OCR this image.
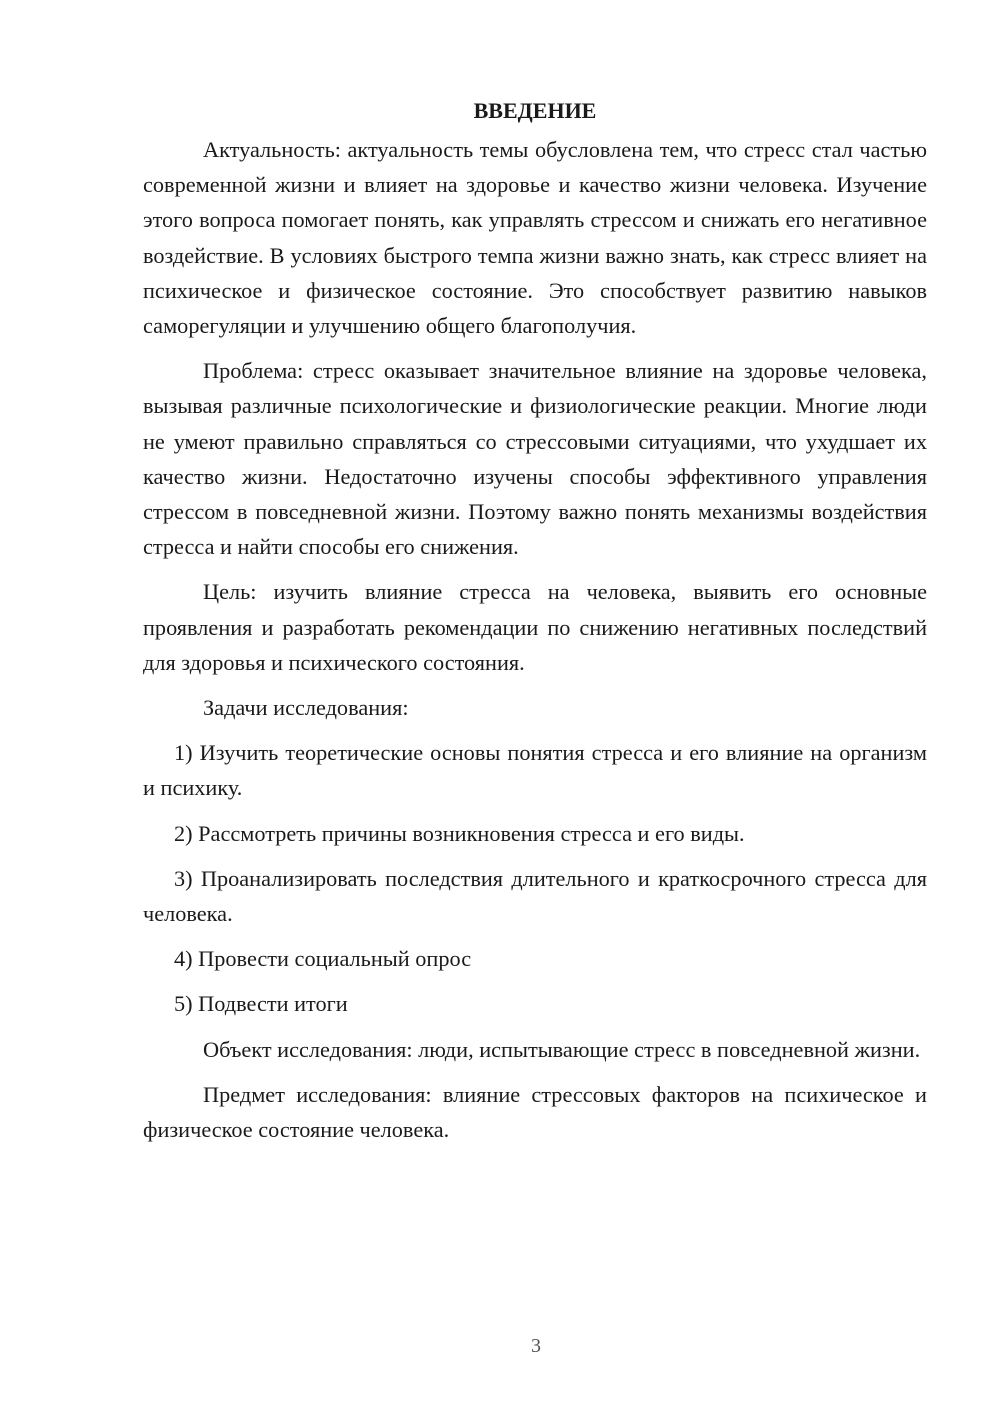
ВВЕДЕНИЕ

Актуальность: актуальность темы обусловлена тем, что стресс стал частью современной жизни и влияет на здоровье и качество жизни человека. Изучение этого вопроса помогает понять, как управлять стрессом и снижать его негативное воздействие. В условиях быстрого темпа жизни важно знать, как стресс влияет на психическое и физическое состояние. Это способствует развитию навыков саморегуляции и улучшению общего благополучия.

Проблема: стресс оказывает значительное влияние на здоровье человека, вызывая различные психологические и физиологические реакции. Многие люди не умеют правильно справляться со стрессовыми ситуациями, что ухудшает их качество жизни. Недостаточно изучены способы эффективного управления стрессом в повседневной жизни. Поэтому важно понять механизмы воздействия стресса и найти способы его снижения.

Цель: изучить влияние стресса на человека, выявить его основные проявления и разработать рекомендации по снижению негативных последствий для здоровья и психического состояния.

Задачи исследования:

1) Изучить теоретические основы понятия стресса и его влияние на организм и психику.

2) Рассмотреть причины возникновения стресса и его виды.

3) Проанализировать последствия длительного и краткосрочного стресса для человека.

4) Провести социальный опрос

5) Подвести итоги

Объект исследования: люди, испытывающие стресс в повседневной жизни.

Предмет исследования: влияние стрессовых факторов на психическое и физическое состояние человека.

3
